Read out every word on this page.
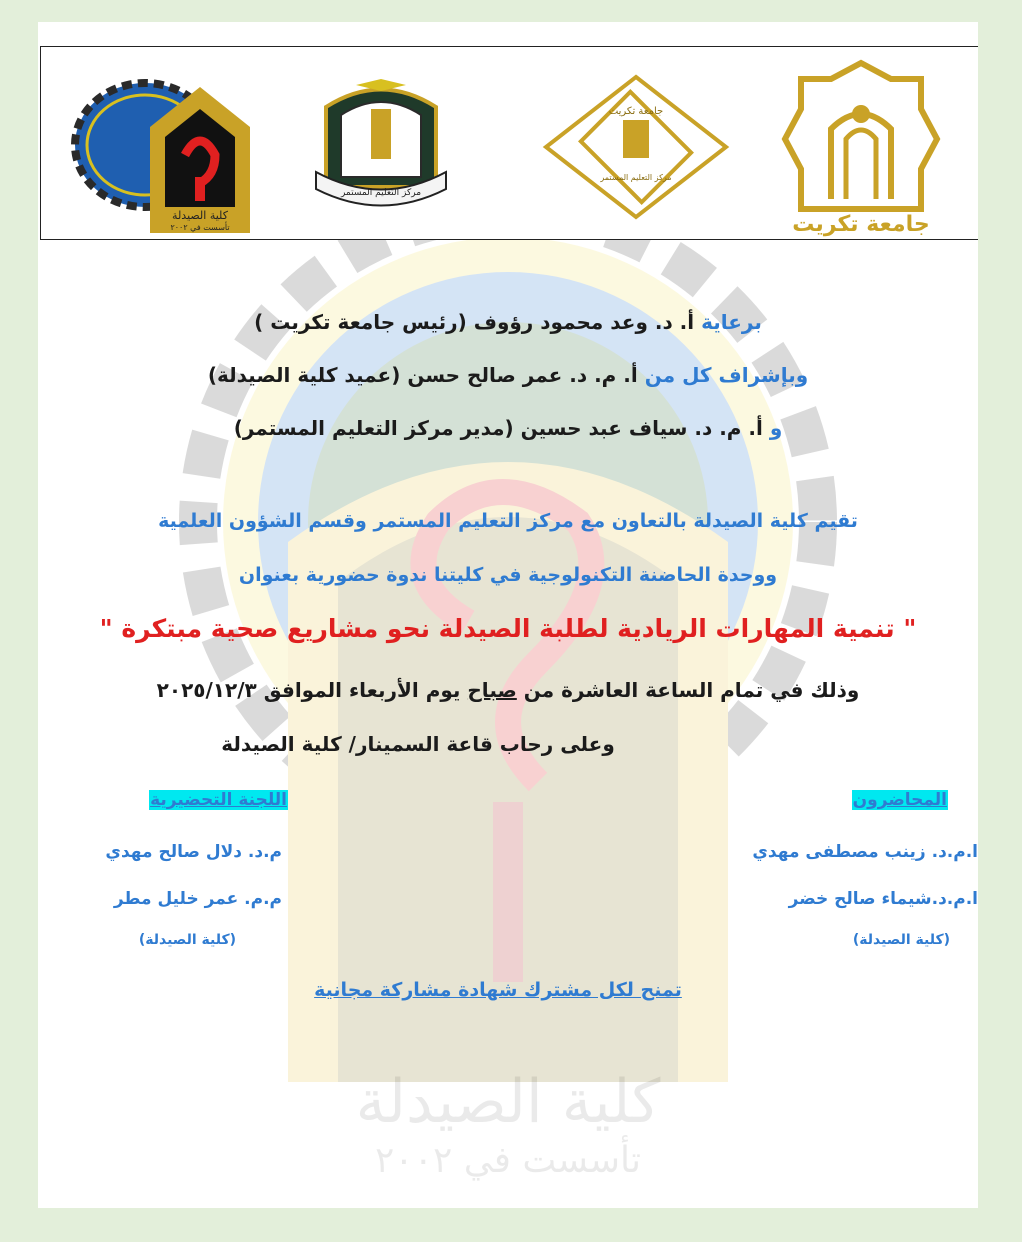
كلية الصيدلة
تأسست في ٢٠٠٢
كلية الصيدلة
تأسست في ٢٠٠٢
مركز التعليم المستمر
جامعة تكريت
مركز التعليم المستمر
جامعة تكريت
برعاية أ. د. وعد محمود رؤوف (رئيس جامعة تكريت )
وبإشراف كل من أ. م. د. عمر صالح حسن (عميد كلية الصيدلة)
و أ. م. د. سياف عبد حسين (مدير مركز التعليم المستمر)
تقيم كلية الصيدلة بالتعاون مع مركز التعليم المستمر وقسم الشؤون العلمية
ووحدة الحاضنة التكنولوجية في كليتنا ندوة حضورية بعنوان
" تنمية المهارات الريادية لطلبة الصيدلة نحو مشاريع صحية مبتكرة "
وذلك في تمام الساعة العاشرة من صباح يوم الأربعاء الموافق ٢٠٢٥/١٢/٣
وعلى رحاب قاعة السمينار/ كلية الصيدلة
المحاضرون
ا.م.د. زينب مصطفى مهدي
ا.م.د.شيماء صالح خضر
(كلية الصيدلة)
اللجنة التحضيرية
م.د. دلال صالح مهدي
م.م. عمر خليل مطر
(كلية الصيدلة)
تمنح لكل مشترك شهادة مشاركة مجانية
